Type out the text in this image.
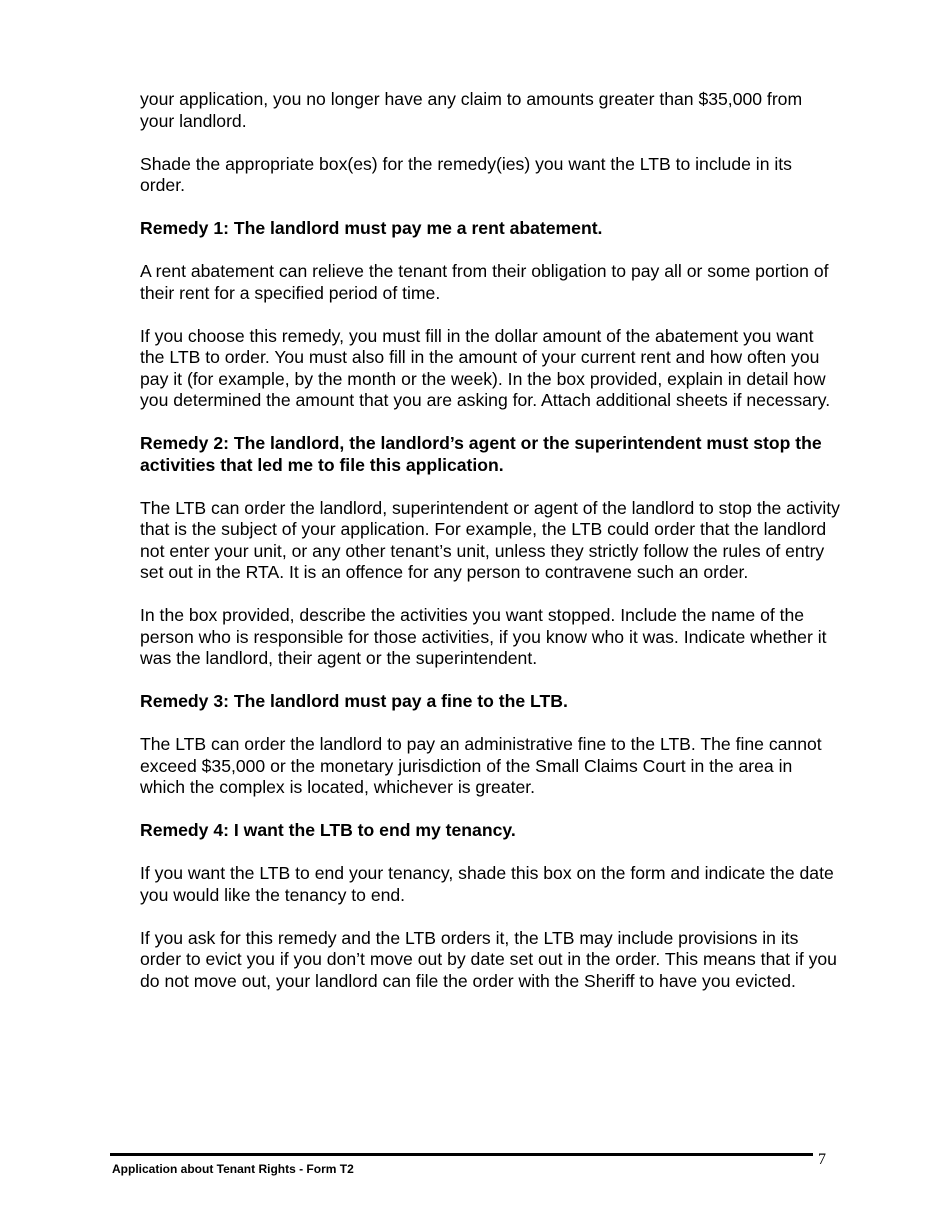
your application, you no longer have any claim to amounts greater than $35,000 from your landlord.

Shade the appropriate box(es) for the remedy(ies) you want the LTB to include in its order.

Remedy 1: The landlord must pay me a rent abatement.

A rent abatement can relieve the tenant from their obligation to pay all or some portion of their rent for a specified period of time.

If you choose this remedy, you must fill in the dollar amount of the abatement you want the LTB to order. You must also fill in the amount of your current rent and how often you pay it (for example, by the month or the week). In the box provided, explain in detail how you determined the amount that you are asking for. Attach additional sheets if necessary.

Remedy 2: The landlord, the landlord’s agent or the superintendent must stop the activities that led me to file this application.

The LTB can order the landlord, superintendent or agent of the landlord to stop the activity that is the subject of your application. For example, the LTB could order that the landlord not enter your unit, or any other tenant’s unit, unless they strictly follow the rules of entry set out in the RTA. It is an offence for any person to contravene such an order.

In the box provided, describe the activities you want stopped. Include the name of the person who is responsible for those activities, if you know who it was. Indicate whether it was the landlord, their agent or the superintendent.

Remedy 3: The landlord must pay a fine to the LTB.

The LTB can order the landlord to pay an administrative fine to the LTB. The fine cannot exceed $35,000 or the monetary jurisdiction of the Small Claims Court in the area in which the complex is located, whichever is greater.

Remedy 4: I want the LTB to end my tenancy.

If you want the LTB to end your tenancy, shade this box on the form and indicate the date you would like the tenancy to end.

If you ask for this remedy and the LTB orders it, the LTB may include provisions in its order to evict you if you don’t move out by date set out in the order. This means that if you do not move out, your landlord can file the order with the Sheriff to have you evicted.

Application about Tenant Rights - Form T2
7
